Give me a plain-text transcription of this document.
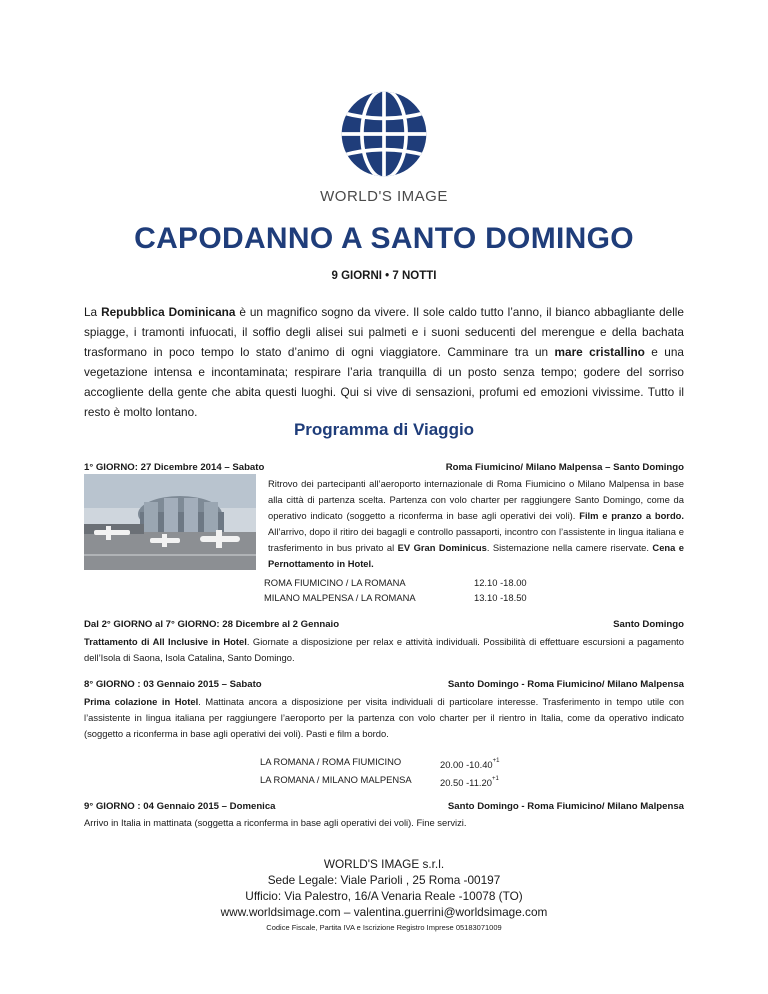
WORLD'S IMAGE
CAPODANNO A SANTO DOMINGO
9 GIORNI • 7 NOTTI

La Repubblica Dominicana è un magnifico sogno da vivere. Il sole caldo tutto l’anno, il bianco abbagliante delle spiagge, i tramonti infuocati, il soffio degli alisei sui palmeti e i suoni seducenti del merengue e della bachata trasformano in poco tempo lo stato d’animo di ogni viaggiatore. Camminare tra un mare cristallino e una vegetazione intensa e incontaminata; respirare l’aria tranquilla di un posto senza tempo; godere del sorriso accogliente della gente che abita questi luoghi. Qui si vive di sensazioni, profumi ed emozioni vivissime. Tutto il resto è molto lontano.

Programma di Viaggio
1° GIORNO: 27 Dicembre 2014 – Sabato	Roma Fiumicino/ Milano Malpensa – Santo Domingo

Ritrovo dei partecipanti all’aeroporto internazionale di Roma Fiumicino o Milano Malpensa in base alla città di partenza scelta. Partenza con volo charter per raggiungere Santo Domingo, come da operativo indicato (soggetto a riconferma in base agli operativi dei voli). Film e pranzo a bordo. All’arrivo, dopo il ritiro dei bagagli e controllo passaporti, incontro con l’assistente in lingua italiana e trasferimento in bus privato al EV Gran Dominicus. Sistemazione nella camere riservate. Cena e Pernottamento in Hotel.

ROMA FIUMICINO / LA ROMANA	12.10 -18.00
MILANO MALPENSA / LA ROMANA	13.10 -18.50
Dal 2° GIORNO al 7° GIORNO: 28 Dicembre al 2 Gennaio	Santo Domingo

Trattamento di All Inclusive in Hotel. Giornate a disposizione per relax e attività individuali. Possibilità di effettuare escursioni a pagamento dell’Isola di Saona, Isola Catalina, Santo Domingo.

8° GIORNO : 03 Gennaio 2015 – Sabato	Santo Domingo - Roma Fiumicino/ Milano Malpensa

Prima colazione in Hotel. Mattinata ancora a disposizione per visita individuali di particolare interesse. Trasferimento in tempo utile con l’assistente in lingua italiana per raggiungere l’aeroporto per la partenza con volo charter per il rientro in Italia, come da operativo indicato (soggetto a riconferma in base agli operativi dei voli). Pasti e film a bordo.

LA ROMANA / ROMA FIUMICINO	20.00 $-10.40^{+1}$
LA ROMANA / MILANO MALPENSA	20.50 $-11.20^{+1}$
9° GIORNO : 04 Gennaio 2015 – Domenica	Santo Domingo - Roma Fiumicino/ Milano Malpensa

Arrivo in Italia in mattinata (soggetta a riconferma in base agli operativi dei voli). Fine servizi.

WORLD'S IMAGE s.r.l.
Sede Legale: Viale Parioli , 25 Roma -00197
Ufficio: Via Palestro, 16/A Venaria Reale -10078 (TO)
www.worldsimage.com – valentina.guerrini@worldsimage.com
Codice Fiscale, Partita IVA e Iscrizione Registro Imprese 05183071009
